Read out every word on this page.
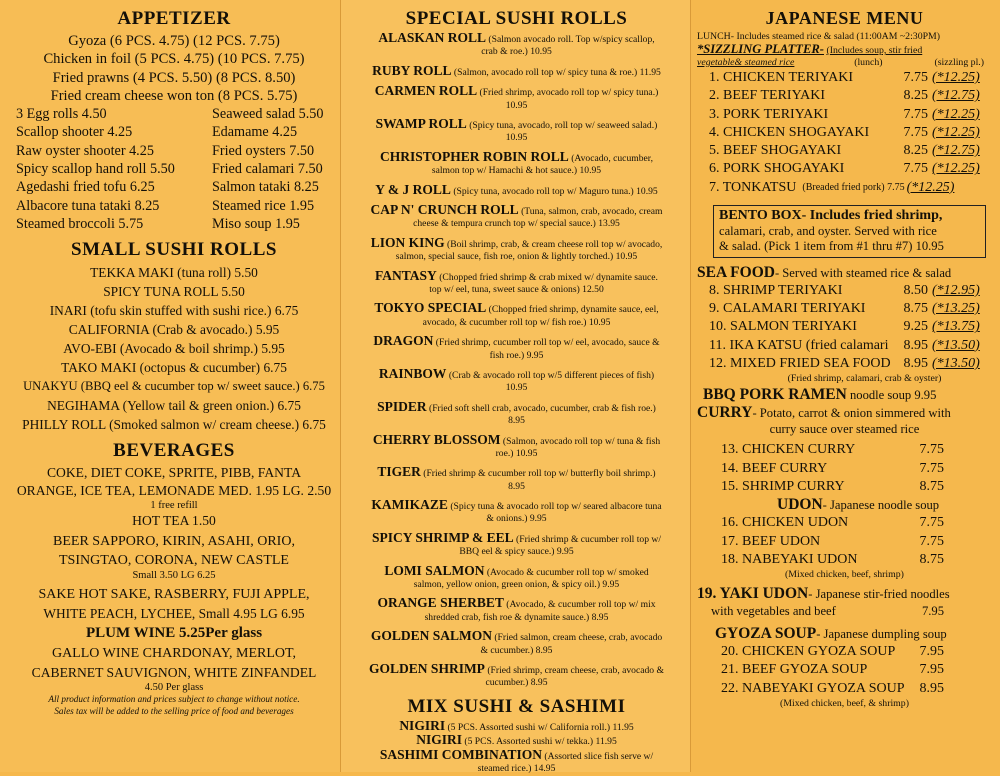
APPETIZER
Gyoza (6 PCS. 4.75) (12 PCS. 7.75)
Chicken in foil (5 PCS. 4.75) (10 PCS. 7.75)
Fried prawns (4 PCS. 5.50) (8 PCS. 8.50)
Fried cream cheese won ton (8 PCS. 5.75)
3 Egg rolls 4.50	Seaweed salad 5.50
Scallop shooter 4.25	Edamame 4.25
Raw oyster shooter 4.25	Fried oysters 7.50
Spicy scallop hand roll 5.50	Fried calamari 7.50
Agedashi fried tofu 6.25	Salmon tataki 8.25
Albacore tuna tataki 8.25	Steamed rice 1.95
Steamed broccoli 5.75	Miso soup 1.95
SMALL SUSHI ROLLS
TEKKA MAKI (tuna roll) 5.50
SPICY TUNA ROLL 5.50
INARI (tofu skin stuffed with sushi rice.) 6.75
CALIFORNIA (Crab & avocado.) 5.95
AVO-EBI (Avocado & boil shrimp.) 5.95
TAKO MAKI (octopus & cucumber) 6.75
UNAKYU (BBQ eel & cucumber top w/ sweet sauce.) 6.75
NEGIHAMA (Yellow tail & green onion.) 6.75
PHILLY ROLL (Smoked salmon w/ cream cheese.) 6.75
BEVERAGES
COKE, DIET COKE, SPRITE, PIBB, FANTA
ORANGE, ICE TEA, LEMONADE MED. 1.95 LG. 2.50
1 free refill
HOT TEA 1.50
BEER SAPPORO, KIRIN, ASAHI, ORIO,
TSINGTAO, CORONA, NEW CASTLE
Small 3.50 LG 6.25
SAKE HOT SAKE, RASBERRY, FUJI APPLE,
WHITE PEACH, LYCHEE, Small 4.95 LG 6.95
PLUM WINE 5.25Per glass
GALLO WINE CHARDONAY, MERLOT,
CABERNET SAUVIGNON, WHITE ZINFANDEL
4.50 Per glass
All product information and prices subject to change without notice.
Sales tax will be added to the selling price of food and beverages
SPECIAL SUSHI ROLLS
ALASKAN ROLL (Salmon avocado roll. Top w/spicy scallop,
crab & roe.) 10.95
RUBY ROLL (Salmon, avocado roll top w/ spicy tuna & roe.) 11.95
CARMEN ROLL (Fried shrimp, avocado roll top w/ spicy tuna.)
10.95
SWAMP ROLL (Spicy tuna, avocado, roll top w/ seaweed salad.)
10.95
CHRISTOPHER ROBIN ROLL (Avocado, cucumber,
salmon top w/ Hamachi & hot sauce.) 10.95
Y & J ROLL (Spicy tuna, avocado roll top w/ Maguro tuna.) 10.95
CAP N' CRUNCH ROLL (Tuna, salmon, crab, avocado, cream
cheese & tempura crunch top w/ special sauce.) 13.95
LION KING (Boil shrimp, crab, & cream cheese roll top w/ avocado,
salmon, special sauce, fish roe, onion & lightly torched.) 10.95
FANTASY (Chopped fried shrimp & crab mixed w/ dynamite sauce.
top w/ eel, tuna, sweet sauce & onions) 12.50
TOKYO SPECIAL (Chopped fried shrimp, dynamite sauce, eel,
avocado, & cucumber roll top w/ fish roe.) 10.95
DRAGON (Fried shrimp, cucumber roll top w/ eel, avocado, sauce &
fish roe.) 9.95
RAINBOW (Crab & avocado roll top w/5 different pieces of fish)
10.95
SPIDER (Fried soft shell crab, avocado, cucumber, crab & fish roe.)
8.95
CHERRY BLOSSOM (Salmon, avocado roll top w/ tuna & fish
roe.) 10.95
TIGER (Fried shrimp & cucumber roll top w/ butterfly boil shrimp.)
8.95
KAMIKAZE (Spicy tuna & avocado roll top w/ seared albacore tuna
& onions.) 9.95
SPICY SHRIMP & EEL (Fried shrimp & cucumber roll top w/
BBQ eel & spicy sauce.) 9.95
LOMI SALMON (Avocado & cucumber roll top w/ smoked
salmon, yellow onion, green onion, & spicy oil.) 9.95
ORANGE SHERBET (Avocado, & cucumber roll top w/ mix
shredded crab, fish roe & dynamite sauce.) 8.95
GOLDEN SALMON (Fried salmon, cream cheese, crab, avocado
& cucumber.) 8.95
GOLDEN SHRIMP (Fried shrimp, cream cheese, crab, avocado &
cucumber.) 8.95
MIX SUSHI & SASHIMI
NIGIRI (5 PCS. Assorted sushi w/ California roll.) 11.95
NIGIRI (5 PCS. Assorted sushi w/ tekka.) 11.95
SASHIMI COMBINATION (Assorted slice fish serve w/
steamed rice.) 14.95
JAPANESE MENU
LUNCH- Includes steamed rice & salad (11:00AM ~2:30PM)
*SIZZLING PLATTER- (Includes soup, stir fried
vegetable& steamed rice	(lunch)	(sizzling pl.)
1. CHICKEN TERIYAKI	7.75 (*12.25)
2. BEEF TERIYAKI	8.25 (*12.75)
3. PORK TERIYAKI	7.75 (*12.25)
4. CHICKEN SHOGAYAKI 7.75 (*12.25)
5. BEEF SHOGAYAKI	8.25 (*12.75)
6. PORK SHOGAYAKI	7.75 (*12.25)
7. TONKATSU (Breaded fried pork) 7.75 (*12.25)
BENTO BOX- Includes fried shrimp,
calamari, crab, and oyster. Served with rice
& salad. (Pick 1 item from #1 thru #7) 10.95
SEA FOOD- Served with steamed rice & salad
8. SHRIMP TERIYAKI	8.50 (*12.95)
9. CALAMARI TERIYAKI	8.75 (*13.25)
10. SALMON TERIYAKI	9.25 (*13.75)
11. IKA KATSU (fried calamari 8.95 (*13.50)
12. MIXED FRIED SEA FOOD 8.95 (*13.50)
(Fried shrimp, calamari, crab & oyster)
BBQ PORK RAMEN noodle soup 9.95
CURRY- Potato, carrot & onion simmered with
curry sauce over steamed rice
13. CHICKEN CURRY	7.75
14. BEEF CURRY	7.75
15. SHRIMP CURRY	8.75
UDON- Japanese noodle soup
16. CHICKEN UDON	7.75
17. BEEF UDON	7.75
18. NABEYAKI UDON	8.75
(Mixed chicken, beef, shrimp)
19. YAKI UDON- Japanese stir-fried noodles
with vegetables and beef	7.95
GYOZA SOUP- Japanese dumpling soup
20. CHICKEN GYOZA SOUP 7.95
21. BEEF GYOZA SOUP	7.95
22. NABEYAKI GYOZA SOUP 8.95
(Mixed chicken, beef, & shrimp)
